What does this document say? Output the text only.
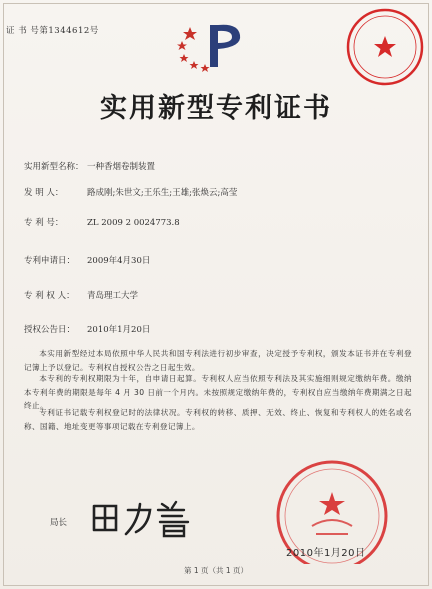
证 书 号第1344612号
实用新型专利证书
实用新型名称： 一种香烟卷制装置
发 明 人：	路成刚;朱世文;王乐生;王雄;张焕云;高莹
专 利 号：	ZL 2009 2 0024773.8
专利申请日： 2009年4月30日
专 利 权 人： 青岛理工大学
授权公告日： 2010年1月20日

本实用新型经过本局依照中华人民共和国专利法进行初步审查，决定授予专利权，颁发本证书并在专利登记簿上予以登记。专利权自授权公告之日起生效。

本专利的专利权期限为十年，自申请日起算。专利权人应当依照专利法及其实施细则规定缴纳年费。缴纳本专利年费的期限是每年 4 月 30 日前一个月内。未按照规定缴纳年费的，专利权自应当缴纳年费期满之日起终止。

专利证书记载专利权登记时的法律状况。专利权的转移、质押、无效、终止、恢复和专利权人的姓名或名称、国籍、地址变更等事项记载在专利登记簿上。

局长
2010年1月20日
第 1 页（共 1 页）
